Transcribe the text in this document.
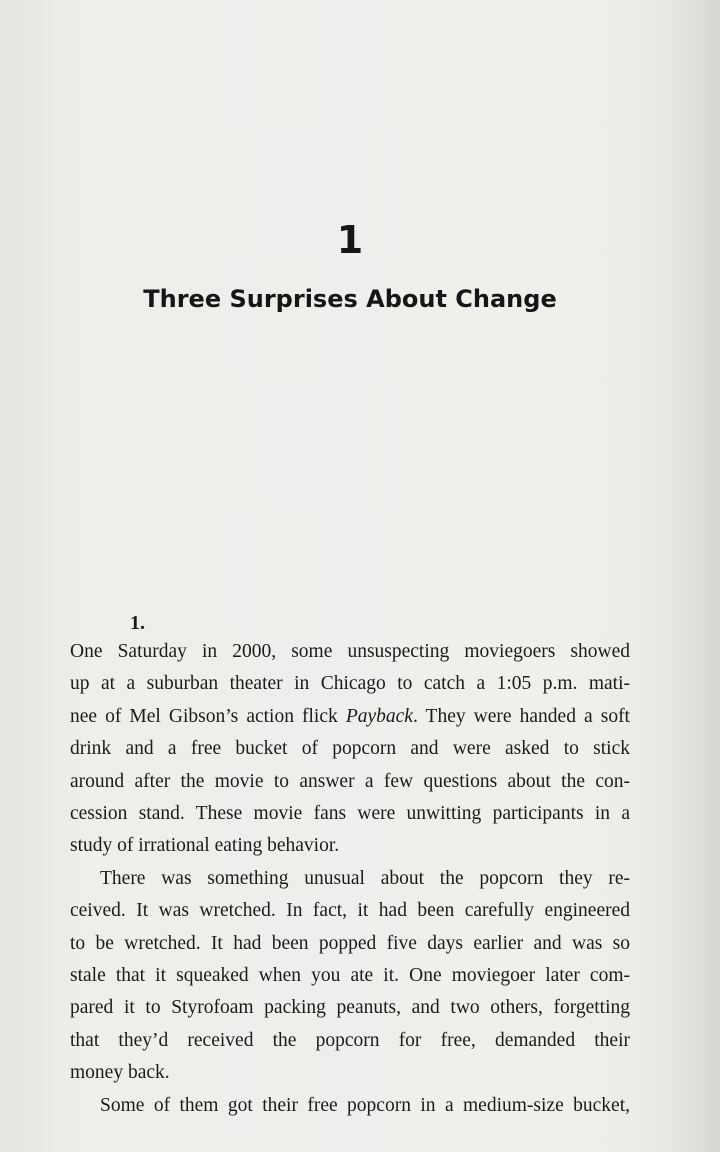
1
Three Surprises About Change
1.

One Saturday in 2000, some unsuspecting moviegoers showed
up at a suburban theater in Chicago to catch a 1:05 p.m. mati-
nee of Mel Gibson’s action flick Payback. They were handed a soft
drink and a free bucket of popcorn and were asked to stick
around after the movie to answer a few questions about the con-
cession stand. These movie fans were unwitting participants in a
study of irrational eating behavior.

There was something unusual about the popcorn they re-
ceived. It was wretched. In fact, it had been carefully engineered
to be wretched. It had been popped five days earlier and was so
stale that it squeaked when you ate it. One moviegoer later com-
pared it to Styrofoam packing peanuts, and two others, forgetting
that they’d received the popcorn for free, demanded their
money back.

Some of them got their free popcorn in a medium-size bucket,
